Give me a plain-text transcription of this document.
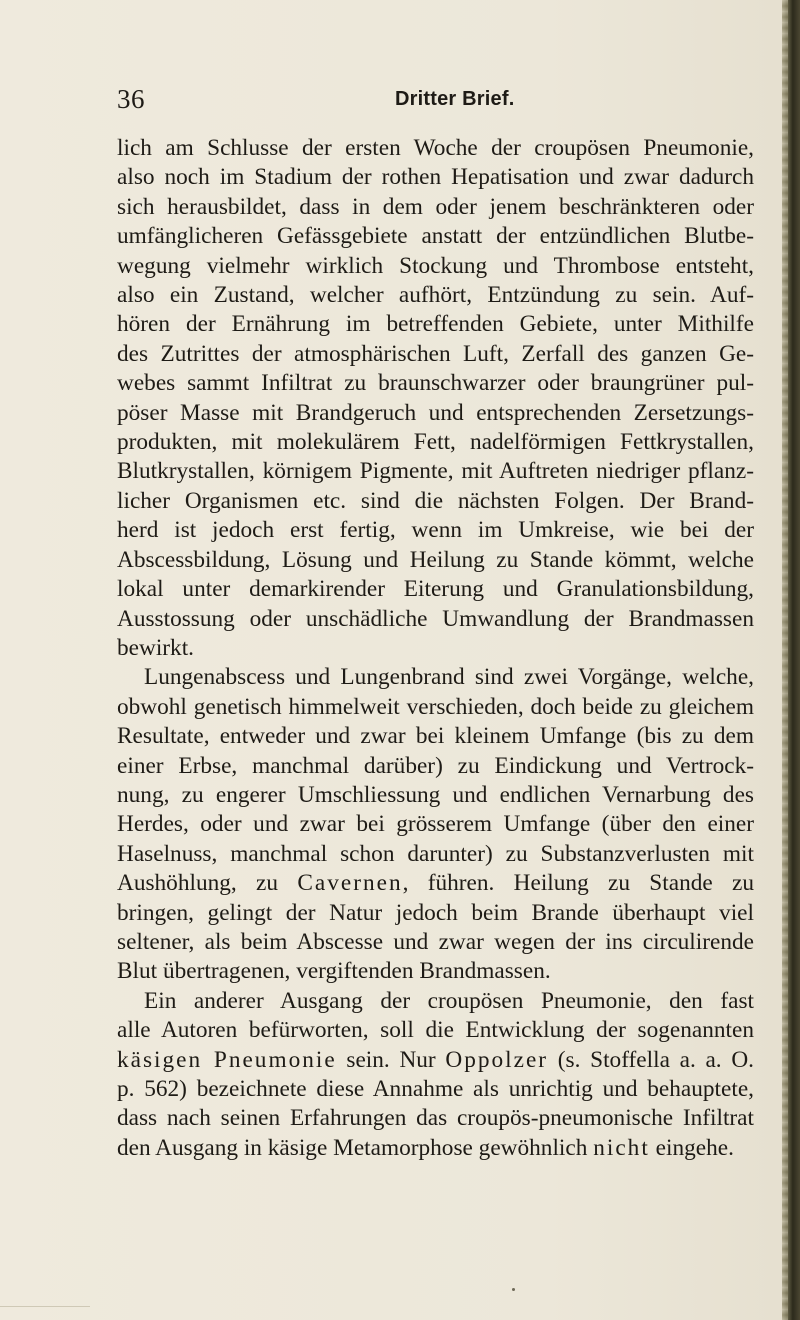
36	Dritter Brief.
lich am Schlusse der ersten Woche der croupösen Pneumonie,
also noch im Stadium der rothen Hepatisation und zwar dadurch
sich herausbildet, dass in dem oder jenem beschränkteren oder
umfänglicheren Gefässgebiete anstatt der entzündlichen Blutbe-
wegung vielmehr wirklich Stockung und Thrombose entsteht,
also ein Zustand, welcher aufhört, Entzündung zu sein. Auf-
hören der Ernährung im betreffenden Gebiete, unter Mithilfe
des Zutrittes der atmosphärischen Luft, Zerfall des ganzen Ge-
webes sammt Infiltrat zu braunschwarzer oder braungrüner pul-
pöser Masse mit Brandgeruch und entsprechenden Zersetzungs-
produkten, mit molekulärem Fett, nadelförmigen Fettkrystallen,
Blutkrystallen, körnigem Pigmente, mit Auftreten niedriger pflanz-
licher Organismen etc. sind die nächsten Folgen. Der Brand-
herd ist jedoch erst fertig, wenn im Umkreise, wie bei der
Abscessbildung, Lösung und Heilung zu Stande kömmt, welche
lokal unter demarkirender Eiterung und Granulationsbildung,
Ausstossung oder unschädliche Umwandlung der Brandmassen
bewirkt.
Lungenabscess und Lungenbrand sind zwei Vorgänge, welche,
obwohl genetisch himmelweit verschieden, doch beide zu gleichem
Resultate, entweder und zwar bei kleinem Umfange (bis zu dem
einer Erbse, manchmal darüber) zu Eindickung und Vertrock-
nung, zu engerer Umschliessung und endlichen Vernarbung des
Herdes, oder und zwar bei grösserem Umfange (über den einer
Haselnuss, manchmal schon darunter) zu Substanzverlusten mit
Aushöhlung, zu Cavernen, führen. Heilung zu Stande zu
bringen, gelingt der Natur jedoch beim Brande überhaupt viel
seltener, als beim Abscesse und zwar wegen der ins circulirende
Blut übertragenen, vergiftenden Brandmassen.
Ein anderer Ausgang der croupösen Pneumonie, den fast
alle Autoren befürworten, soll die Entwicklung der sogenannten
käsigen Pneumonie sein. Nur Oppolzer (s. Stoffella a. a. O.
p. 562) bezeichnete diese Annahme als unrichtig und behauptete,
dass nach seinen Erfahrungen das croupös-pneumonische Infiltrat
den Ausgang in käsige Metamorphose gewöhnlich nicht eingehe.
